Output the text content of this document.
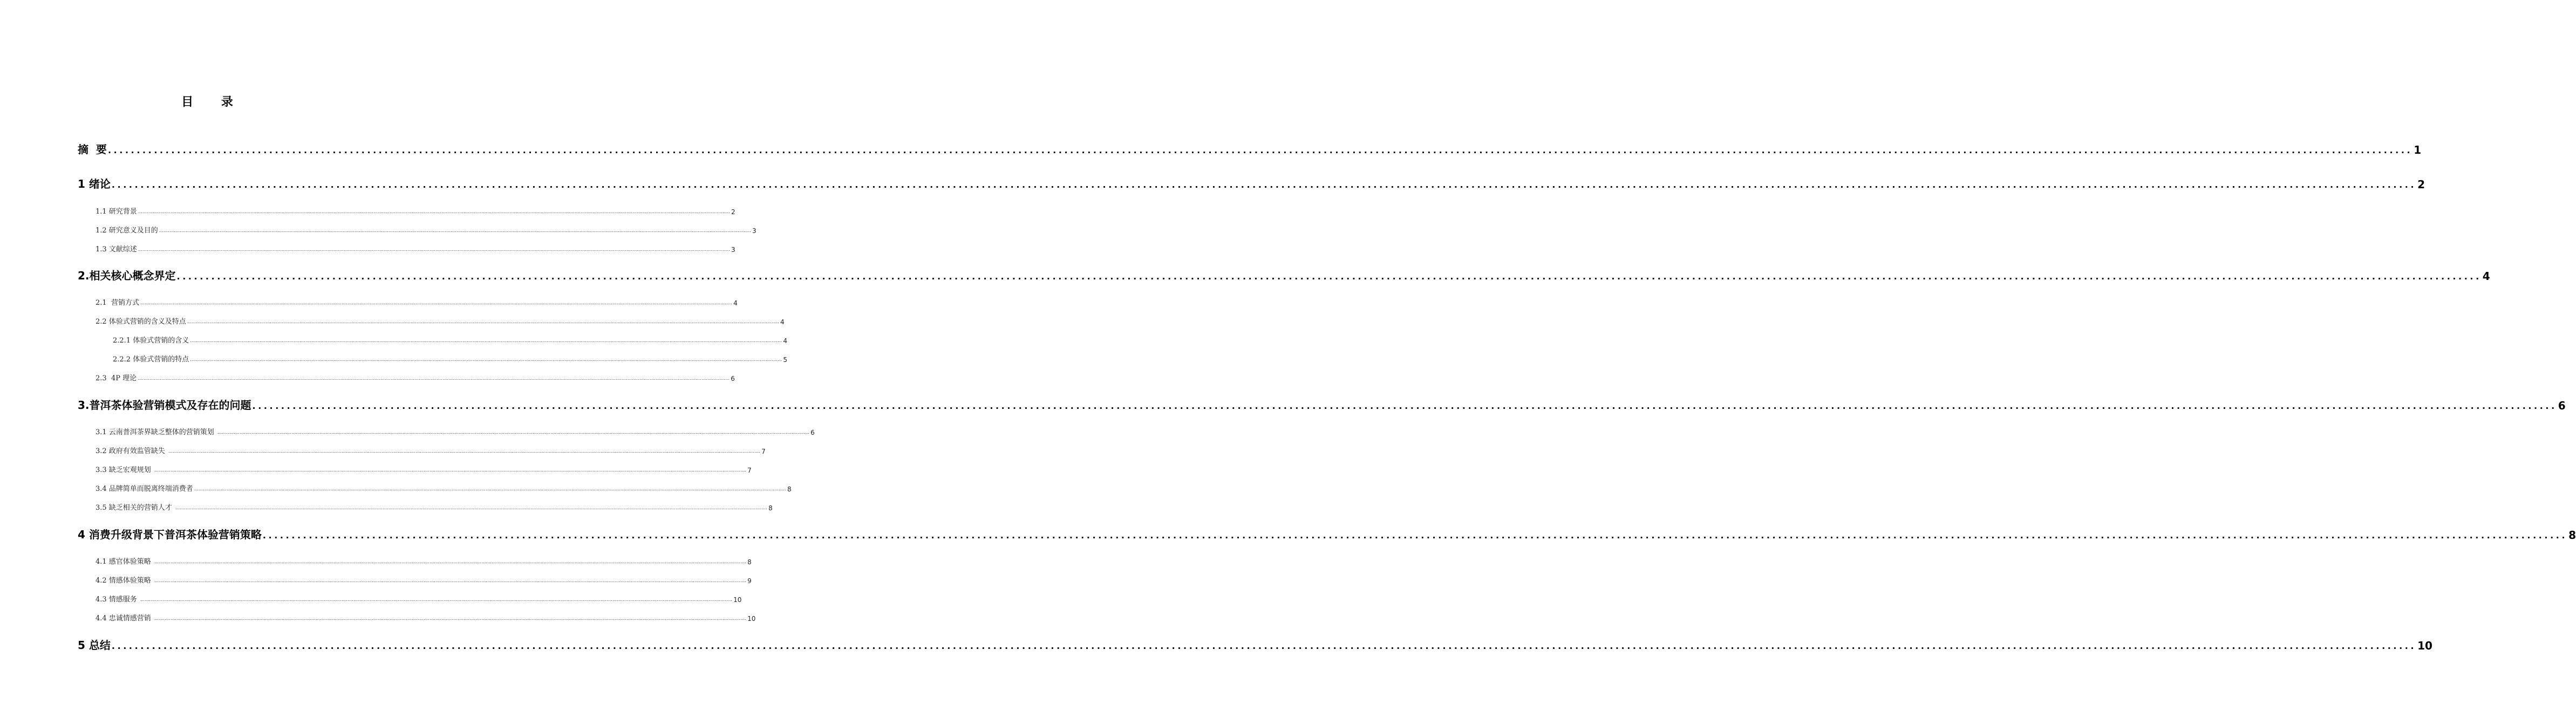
目 录
摘  要 ................................................................................................................................................................................................................................................................................................................................................................................................................ 1
1 绪论 ................................................................................................................................................................................................................................................................................................................................................................................................................ 2
1.1 研究背景 ................................................................................................................................................................................................................................................................................................................................................................................................................ 2
1.2 研究意义及目的 ................................................................................................................................................................................................................................................................................................................................................................................................................ 3
1.3 文献综述 ................................................................................................................................................................................................................................................................................................................................................................................................................ 3
2.相关核心概念界定 ................................................................................................................................................................................................................................................................................................................................................................................................................ 4
2.1  营销方式 ................................................................................................................................................................................................................................................................................................................................................................................................................ 4
2.2 体验式营销的含义及特点 ................................................................................................................................................................................................................................................................................................................................................................................................................ 4
2.2.1 体验式营销的含义 ................................................................................................................................................................................................................................................................................................................................................................................................................ 4
2.2.2 体验式营销的特点 ................................................................................................................................................................................................................................................................................................................................................................................................................ 5
2.3  4P 理论 ................................................................................................................................................................................................................................................................................................................................................................................................................ 6
3.普洱茶体验营销模式及存在的问题 ................................................................................................................................................................................................................................................................................................................................................................................................................ 6
3.1 云南普洱茶界缺乏整体的营销策划 ................................................................................................................................................................................................................................................................................................................................................................................................................ 6
3.2 政府有效监管缺失 ................................................................................................................................................................................................................................................................................................................................................................................................................ 7
3.3 缺乏宏观规划 ................................................................................................................................................................................................................................................................................................................................................................................................................ 7
3.4 品牌简单而脱离终端消费者 ................................................................................................................................................................................................................................................................................................................................................................................................................ 8
3.5 缺乏相关的营销人才 ................................................................................................................................................................................................................................................................................................................................................................................................................ 8
4 消费升级背景下普洱茶体验营销策略 ................................................................................................................................................................................................................................................................................................................................................................................................................ 8
4.1 感官体验策略 ................................................................................................................................................................................................................................................................................................................................................................................................................ 8
4.2 情感体验策略 ................................................................................................................................................................................................................................................................................................................................................................................................................ 9
4.3 情感服务 ................................................................................................................................................................................................................................................................................................................................................................................................................ 10
4.4 忠诚情感营销 ................................................................................................................................................................................................................................................................................................................................................................................................................ 10
5 总结 ................................................................................................................................................................................................................................................................................................................................................................................................................ 10
